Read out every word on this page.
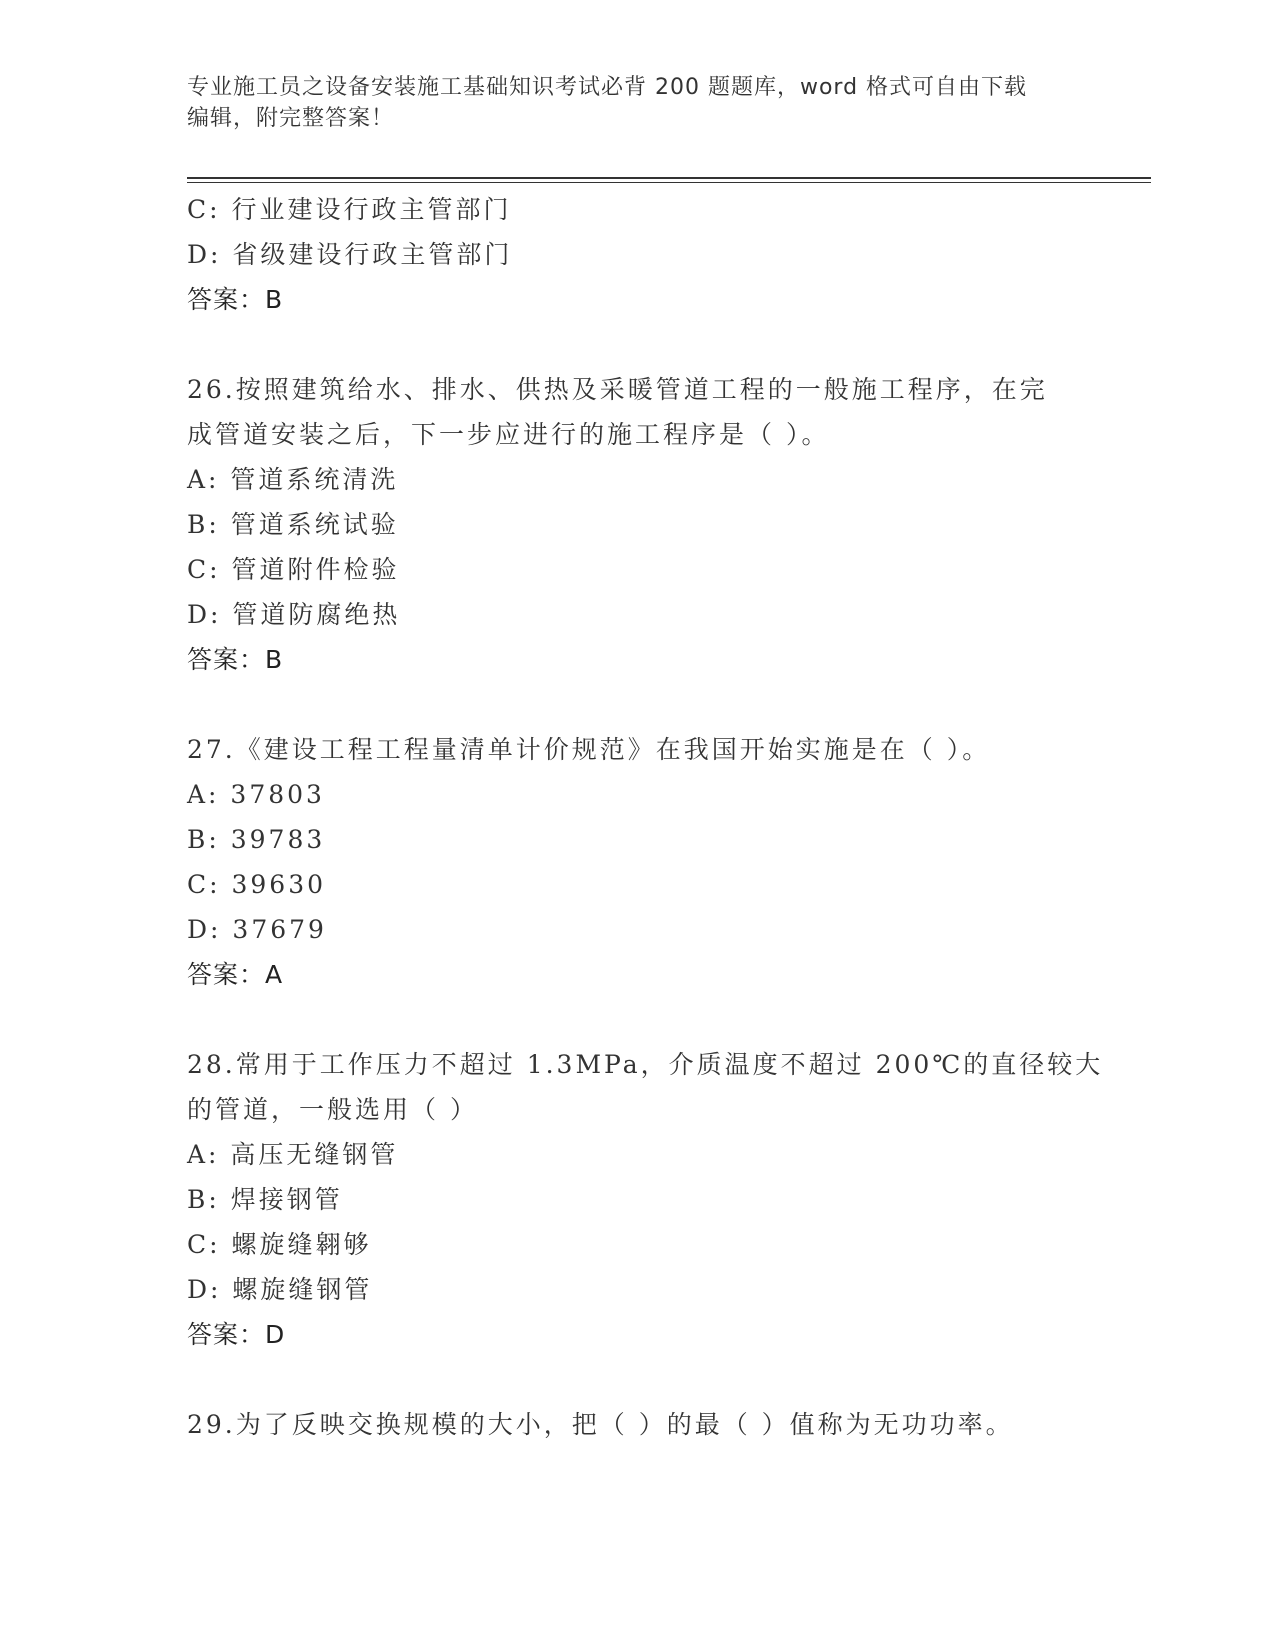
专业施工员之设备安装施工基础知识考试必背 200 题题库，word 格式可自由下载
编辑，附完整答案！
C: 行业建设行政主管部门
D: 省级建设行政主管部门
答案：B
26.按照建筑给水、排水、供热及采暖管道工程的一般施工程序，在完
成管道安装之后，下一步应进行的施工程序是（ ）。
A: 管道系统清洗
B: 管道系统试验
C: 管道附件检验
D: 管道防腐绝热
答案：B
27.《建设工程工程量清单计价规范》在我国开始实施是在（ ）。
A: 37803
B: 39783
C: 39630
D: 37679
答案：A
28.常用于工作压力不超过 1.3MPa，介质温度不超过 200℃的直径较大
的管道，一般选用（ ）
A: 高压无缝钢管
B: 焊接钢管
C: 螺旋缝翱够
D: 螺旋缝钢管
答案：D
29.为了反映交换规模的大小，把（ ）的最（ ）值称为无功功率。
